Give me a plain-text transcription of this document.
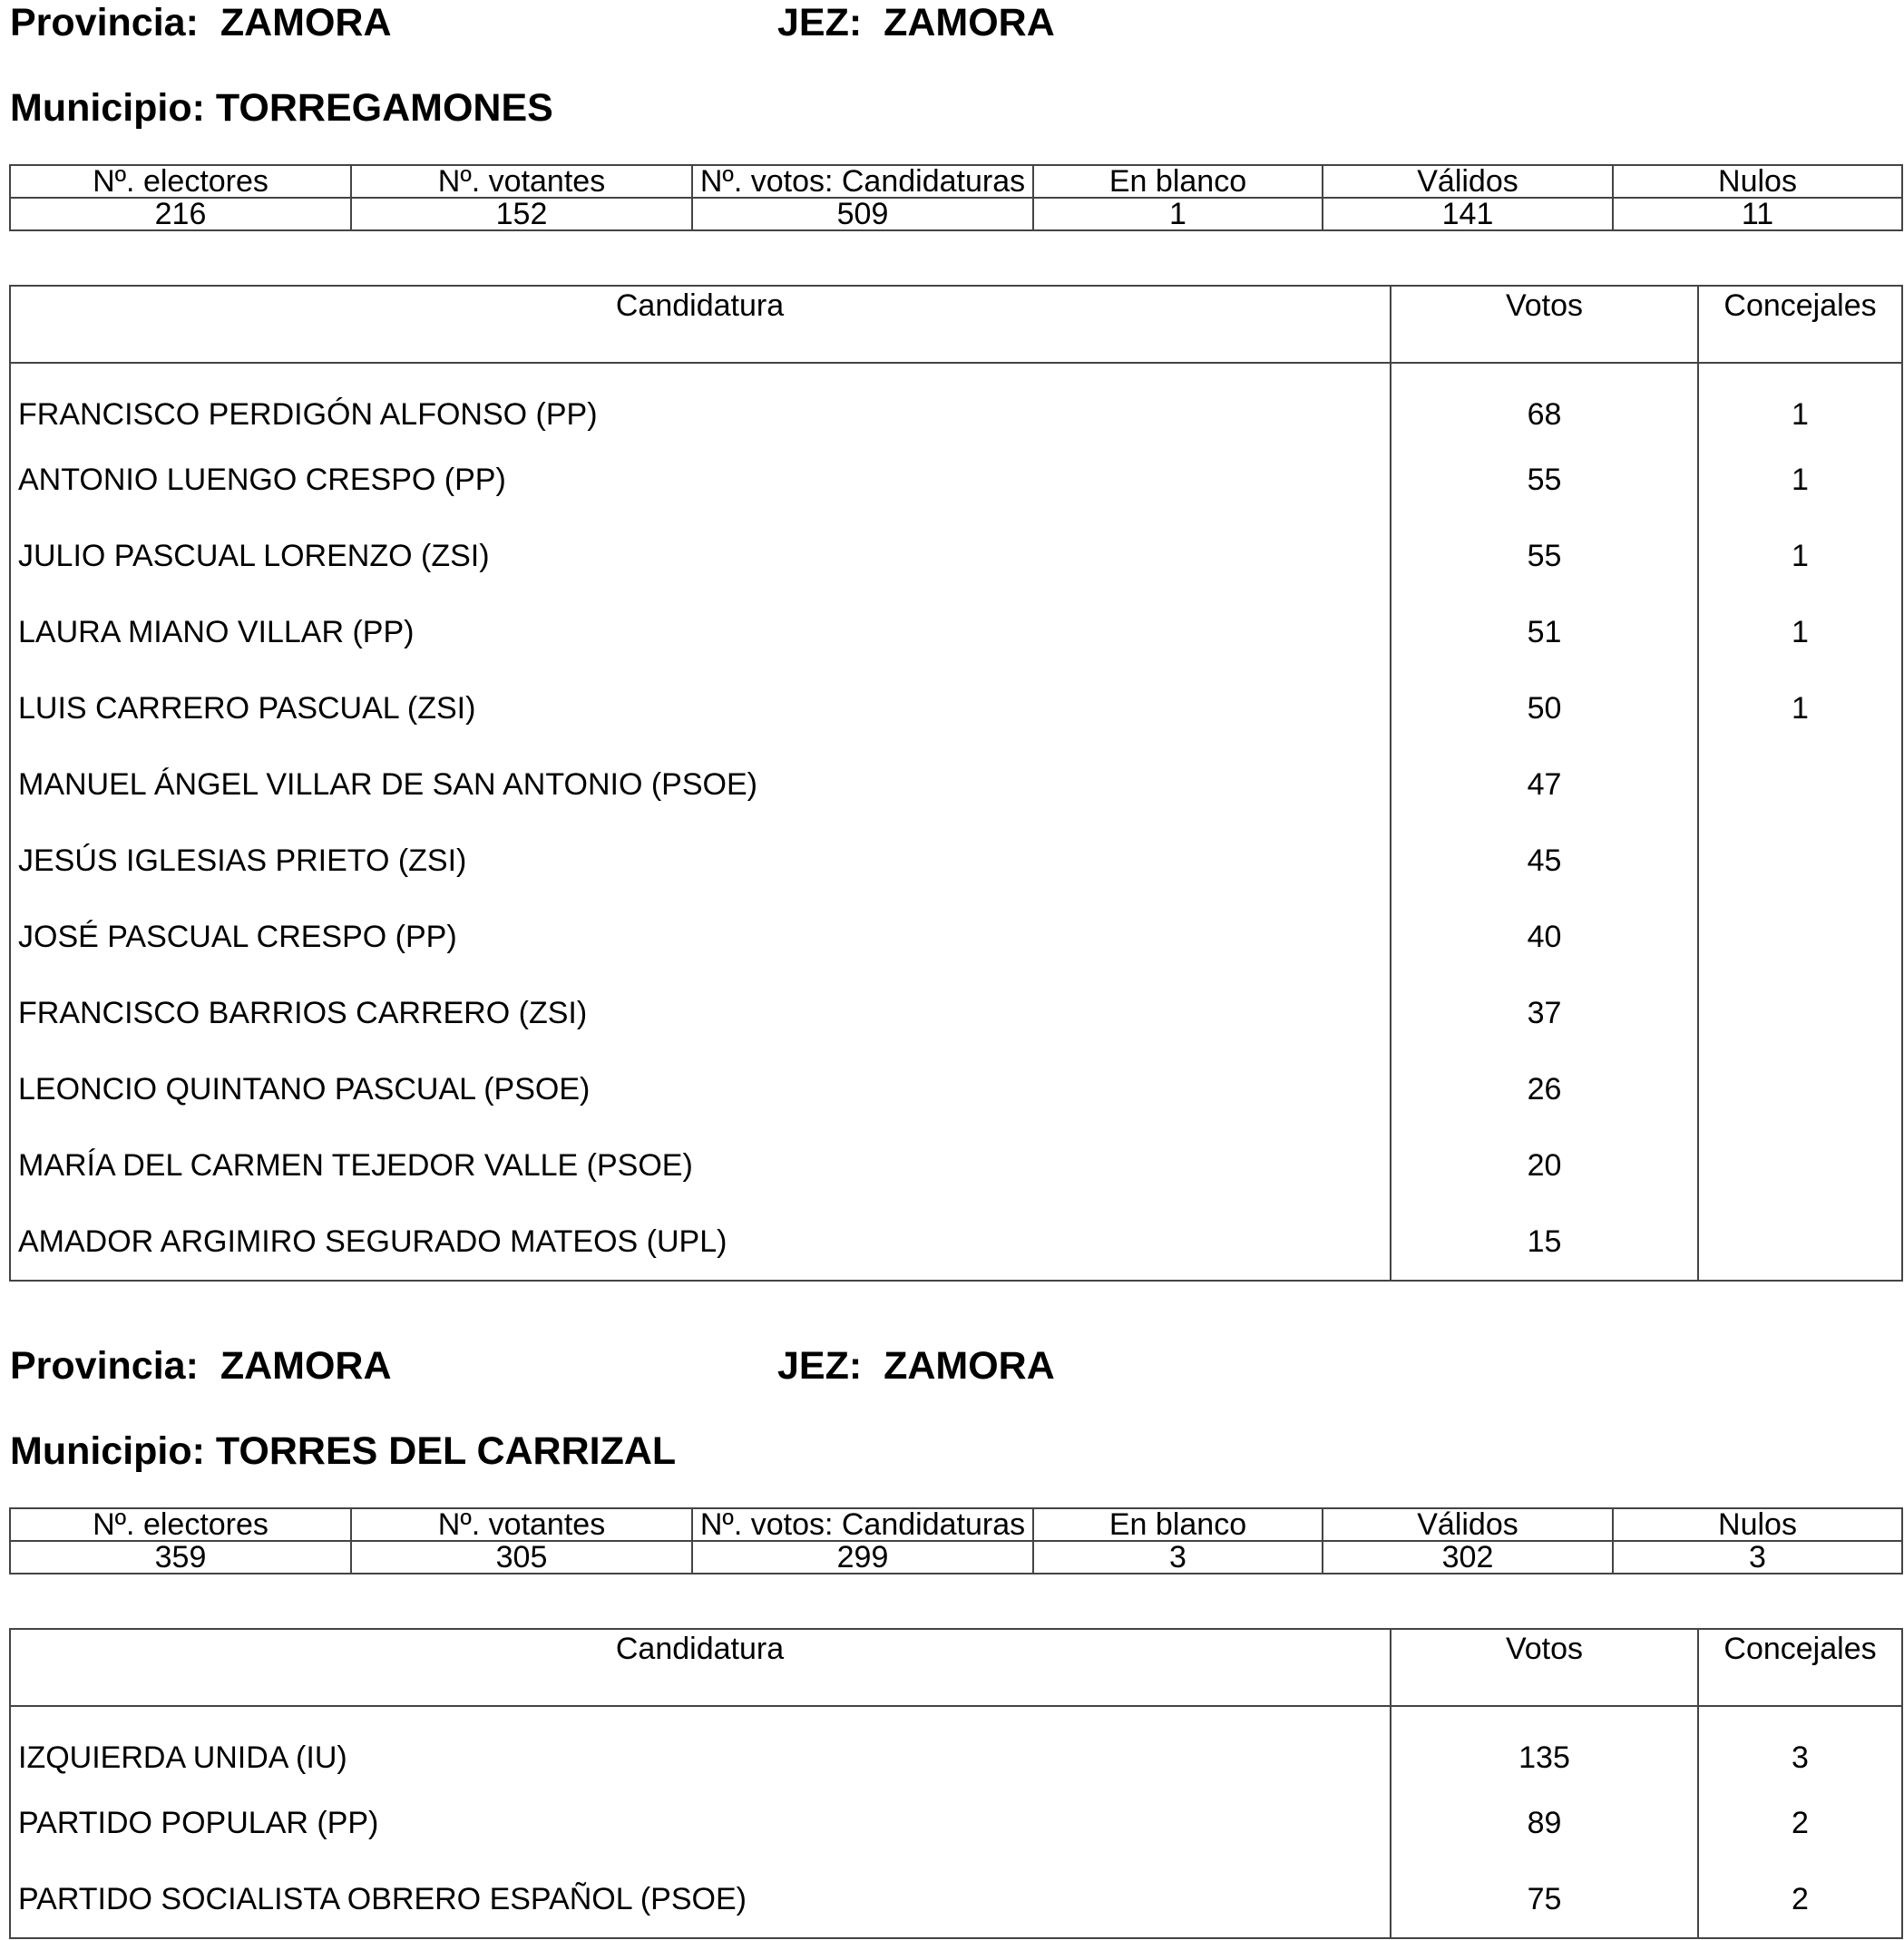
Provincia: ZAMORA	JEZ: ZAMORA
Municipio: TORREGAMONES
Nº. electores	Nº. votantes	Nº. votos: Candidaturas	En blanco	Válidos	Nulos
216	152	509	1	141	11
Candidatura	Votos	Concejales
FRANCISCO PERDIGÓN ALFONSO (PP)	68	1
ANTONIO LUENGO CRESPO (PP)	55	1
JULIO PASCUAL LORENZO (ZSI)	55	1
LAURA MIANO VILLAR (PP)	51	1
LUIS CARRERO PASCUAL (ZSI)	50	1
MANUEL ÁNGEL VILLAR DE SAN ANTONIO (PSOE)	47	
JESÚS IGLESIAS PRIETO (ZSI)	45	
JOSÉ PASCUAL CRESPO (PP)	40	
FRANCISCO BARRIOS CARRERO (ZSI)	37	
LEONCIO QUINTANO PASCUAL (PSOE)	26	
MARÍA DEL CARMEN TEJEDOR VALLE (PSOE)	20	
AMADOR ARGIMIRO SEGURADO MATEOS (UPL)	15	
Provincia: ZAMORA	JEZ: ZAMORA
Municipio: TORRES DEL CARRIZAL
Nº. electores	Nº. votantes	Nº. votos: Candidaturas	En blanco	Válidos	Nulos
359	305	299	3	302	3
Candidatura	Votos	Concejales
IZQUIERDA UNIDA (IU)	135	3
PARTIDO POPULAR (PP)	89	2
PARTIDO SOCIALISTA OBRERO ESPAÑOL (PSOE)	75	2
